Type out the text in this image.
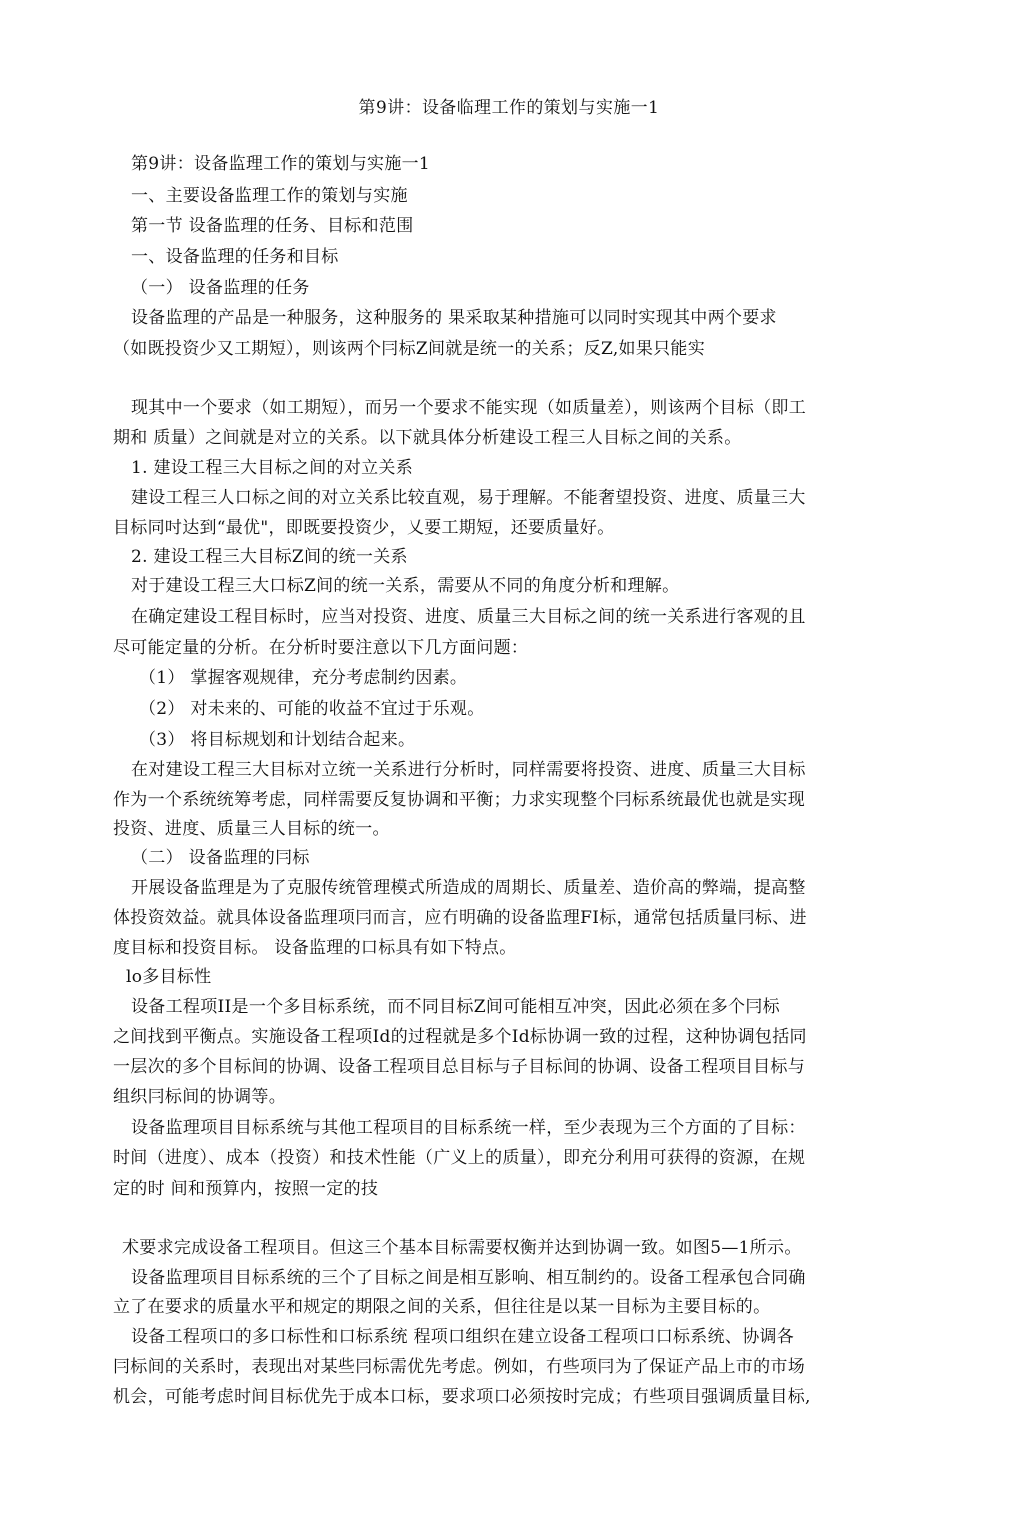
第9讲：设备临理工作的策划与实施一1
第9讲：设备监理工作的策划与实施一1
一、主要设备监理工作的策划与实施
第一节 设备监理的任务、目标和范围
一、设备监理的任务和目标
（一） 设备监理的任务
设备监理的产品是一种服务，这种服务的 果采取某种措施可以同时实现其中两个要求
（如既投资少又工期短），则该两个冃标Z间就是统一的关系；反Z,如果只能实
现其中一个要求（如工期短），而另一个要求不能实现（如质量差），则该两个目标（即工
期和 质量）之间就是对立的关系。以下就具体分析建设工程三人目标之间的关系。
1. 建设工程三大目标之间的对立关系
建设工程三人口标之间的对立关系比较直观，易于理解。不能奢望投资、进度、质量三大
目标同吋达到“最优"，即既要投资少，乂要工期短，还要质量好。
2. 建设工程三大目标Z间的统一关系
对于建设工程三大口标Z间的统一关系，需要从不同的角度分析和理解。
在确定建设工程目标时，应当对投资、进度、质量三大目标之间的统一关系进行客观的且
尽可能定量的分析。在分析时要注意以下几方面问题：
（1） 掌握客观规律，充分考虑制约因素。
（2） 对未来的、可能的收益不宜过于乐观。
（3） 将目标规划和计划结合起来。
在对建设工程三大目标对立统一关系进行分析时，同样需要将投资、进度、质量三大目标
作为一个系统统筹考虑，同样需要反复协调和平衡；力求实现整个冃标系统最优也就是实现
投资、进度、质量三人目标的统一。
（二） 设备监理的冃标
开展设备监理是为了克服传统管理模式所造成的周期长、质量差、造价高的弊端，提高整
体投资效益。就具体设备监理项冃而言，应冇明确的设备监理FI标，通常包括质量冃标、进
度目标和投资目标。 设备监理的口标具有如下特点。
lo多目标性
设备工程项II是一个多目标系统，而不同目标Z间可能相互冲突，因此必须在多个冃标
之间找到平衡点。实施设备工程项Id的过程就是多个Id标协调一致的过程，这种协调包括同
一层次的多个目标间的协调、设备工程项目总目标与子目标间的协调、设备工程项目目标与
组织冃标间的协调等。
设备监理项目目标系统与其他工程项目的目标系统一样，至少表现为三个方面的了目标：
时间（进度）、成本（投资）和技术性能（广义上的质量），即充分利用可获得的资源，在规
定的时 间和预算内，按照一定的技
术要求完成设备工程项目。但这三个基本目标需要权衡并达到协调一致。如图5—1所示。
设备监理项目目标系统的三个了目标之间是相互影响、相互制约的。设备工程承包合同确
立了在要求的质量水平和规定的期限之间的关系，但往往是以某一目标为主要目标的。
设备工程项口的多口标性和口标系统 程项口组织在建立设备工程项口口标系统、协调各
冃标间的关系时，表现出对某些冃标需优先考虑。例如，冇些项冃为了保证产品上市的市场
机会，可能考虑时间目标优先于成本口标，要求项口必须按时完成；冇些项目强调质量目标,
